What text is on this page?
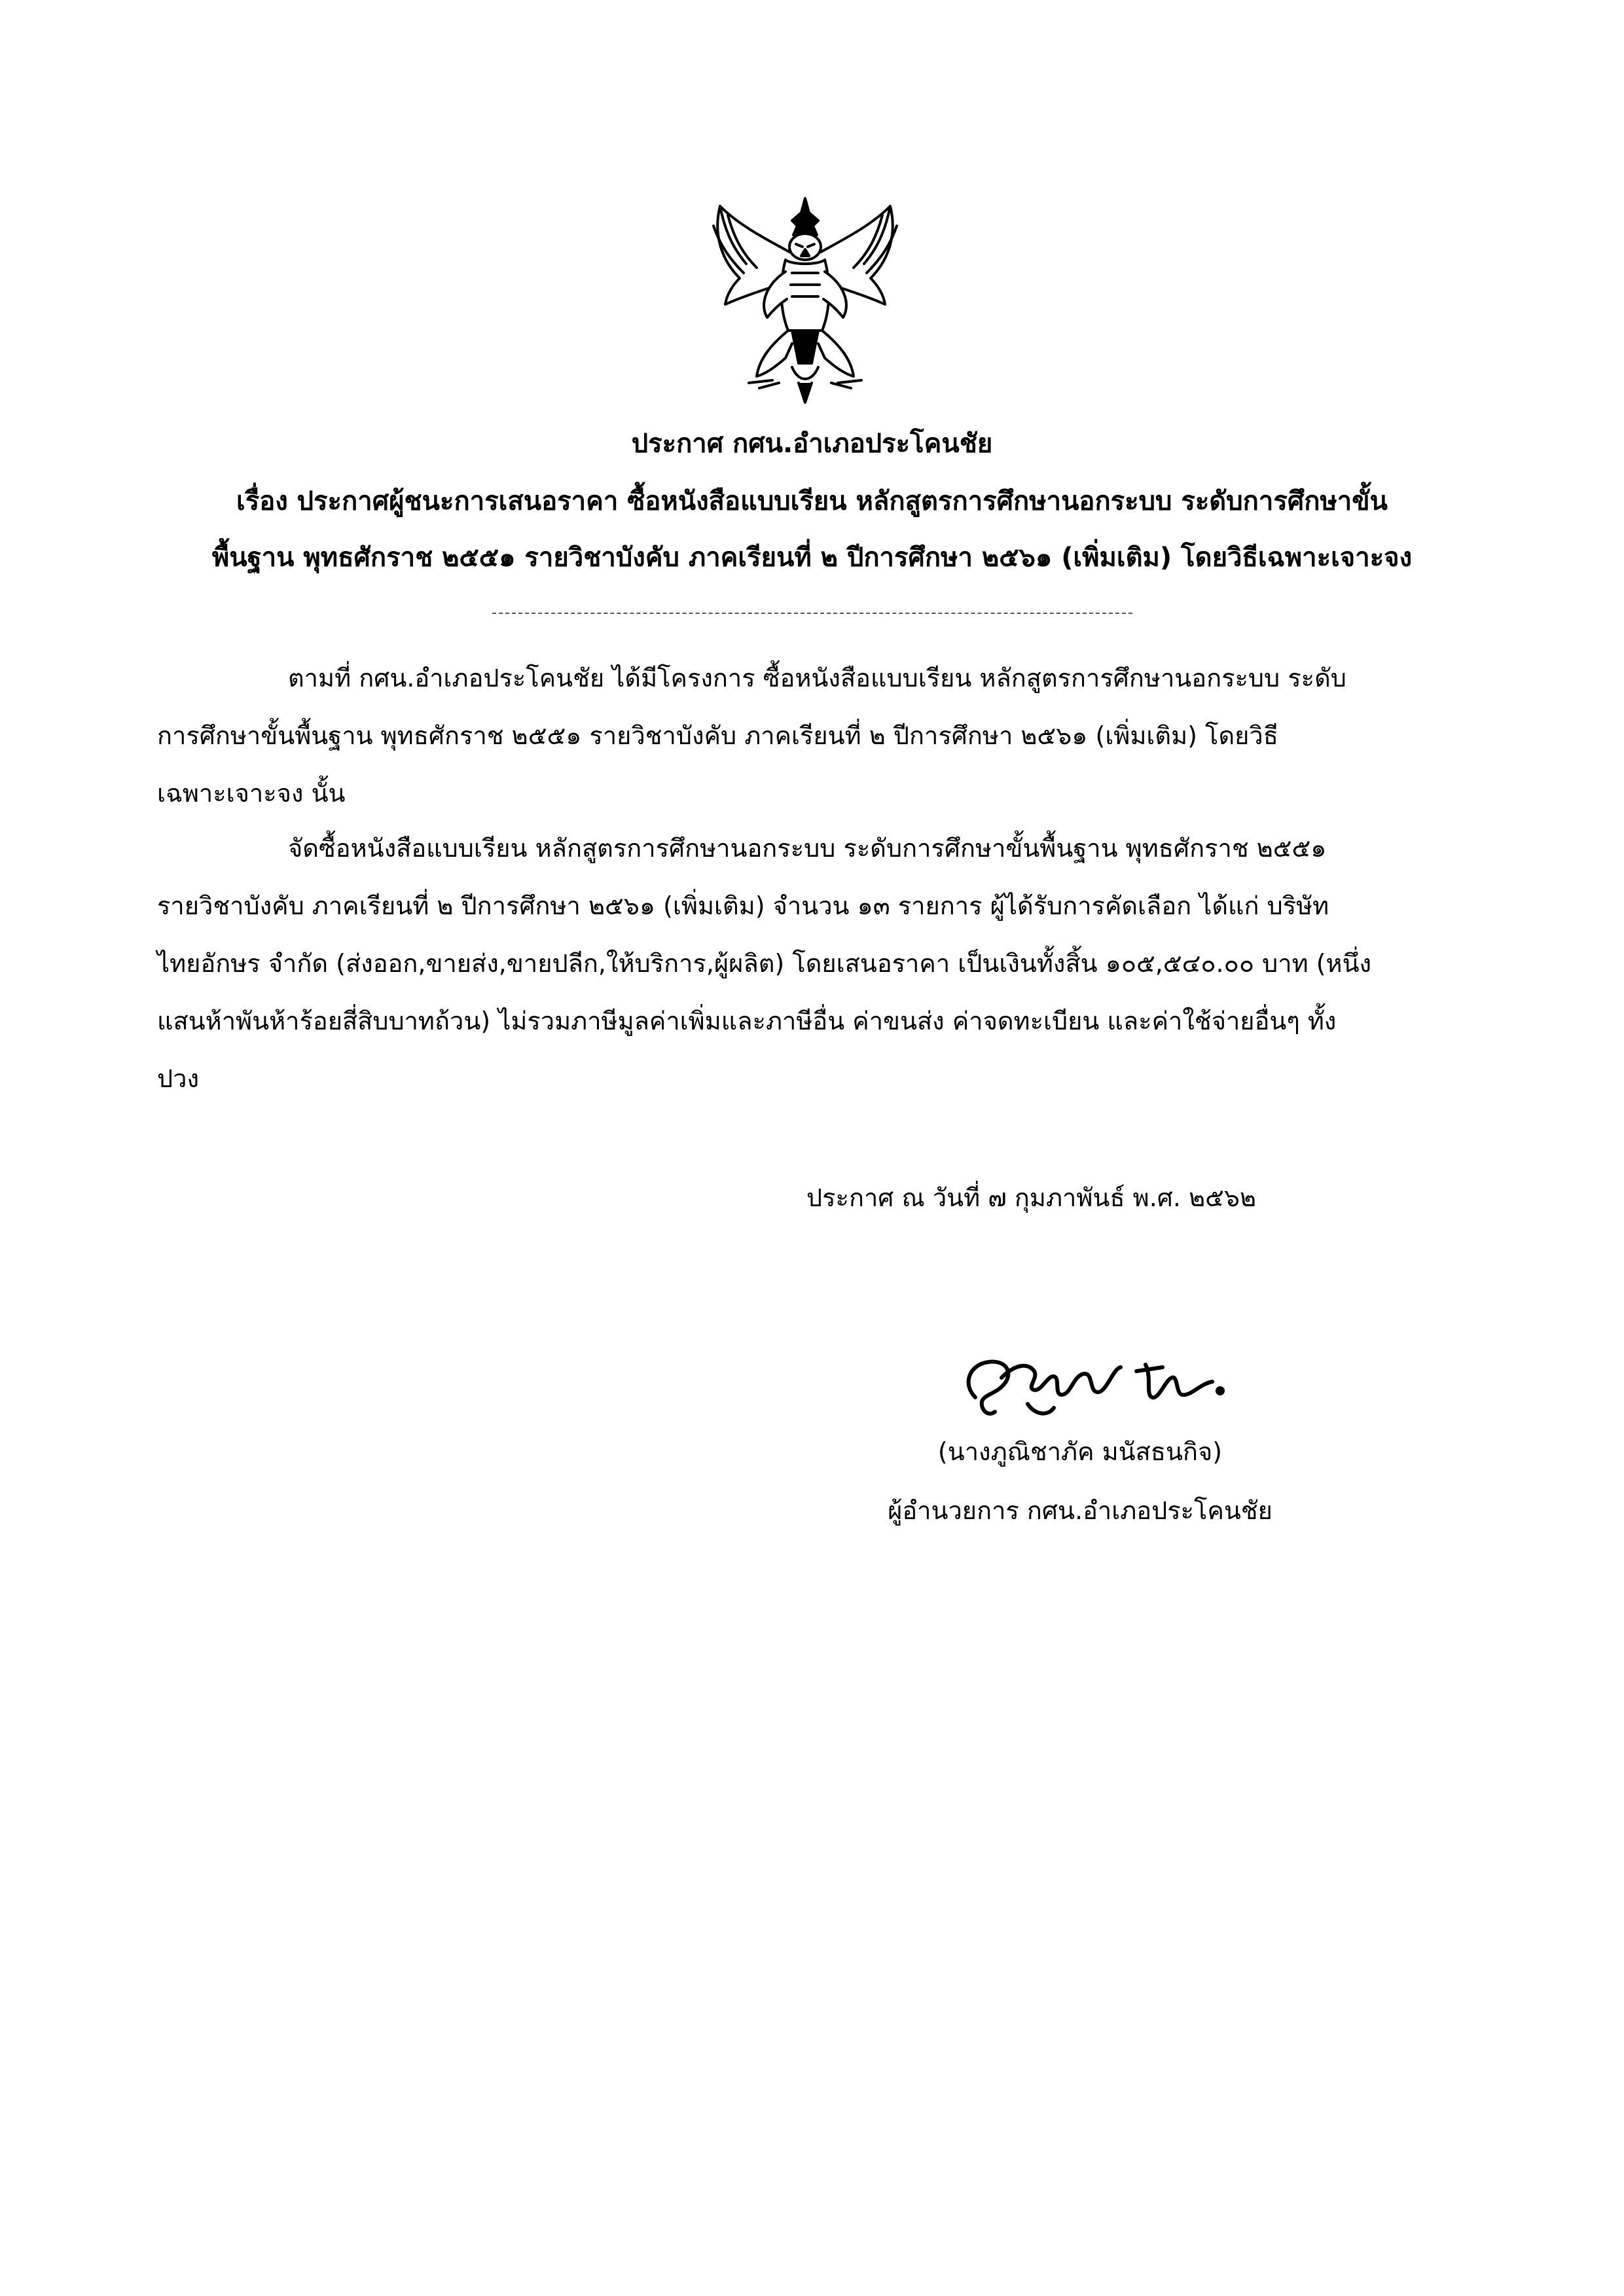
ประกาศ กศน.อำเภอประโคนชัย
เรื่อง ประกาศผู้ชนะการเสนอราคา ซื้อหนังสือแบบเรียน หลักสูตรการศึกษานอกระบบ ระดับการศึกษาขั้น
พื้นฐาน พุทธศักราช ๒๕๕๑ รายวิชาบังคับ ภาคเรียนที่ ๒ ปีการศึกษา ๒๕๖๑ (เพิ่มเติม) โดยวิธีเฉพาะเจาะจง
ตามที่ กศน.อำเภอประโคนชัย ได้มีโครงการ ซื้อหนังสือแบบเรียน หลักสูตรการศึกษานอกระบบ ระดับ
การศึกษาขั้นพื้นฐาน พุทธศักราช ๒๕๕๑ รายวิชาบังคับ ภาคเรียนที่ ๒ ปีการศึกษา ๒๕๖๑ (เพิ่มเติม) โดยวิธี
เฉพาะเจาะจง นั้น
จัดซื้อหนังสือแบบเรียน หลักสูตรการศึกษานอกระบบ ระดับการศึกษาขั้นพื้นฐาน พุทธศักราช ๒๕๕๑
รายวิชาบังคับ ภาคเรียนที่ ๒ ปีการศึกษา ๒๕๖๑ (เพิ่มเติม) จำนวน ๑๓ รายการ ผู้ได้รับการคัดเลือก ได้แก่ บริษัท
ไทยอักษร จำกัด (ส่งออก,ขายส่ง,ขายปลีก,ให้บริการ,ผู้ผลิต) โดยเสนอราคา เป็นเงินทั้งสิ้น ๑๐๕,๕๔๐.๐๐ บาท (หนึ่ง
แสนห้าพันห้าร้อยสี่สิบบาทถ้วน) ไม่รวมภาษีมูลค่าเพิ่มและภาษีอื่น ค่าขนส่ง ค่าจดทะเบียน และค่าใช้จ่ายอื่นๆ ทั้ง
ปวง
ประกาศ ณ วันที่ ๗ กุมภาพันธ์ พ.ศ. ๒๕๖๒
(นางภูณิชาภัค มนัสธนกิจ)
ผู้อำนวยการ กศน.อำเภอประโคนชัย
